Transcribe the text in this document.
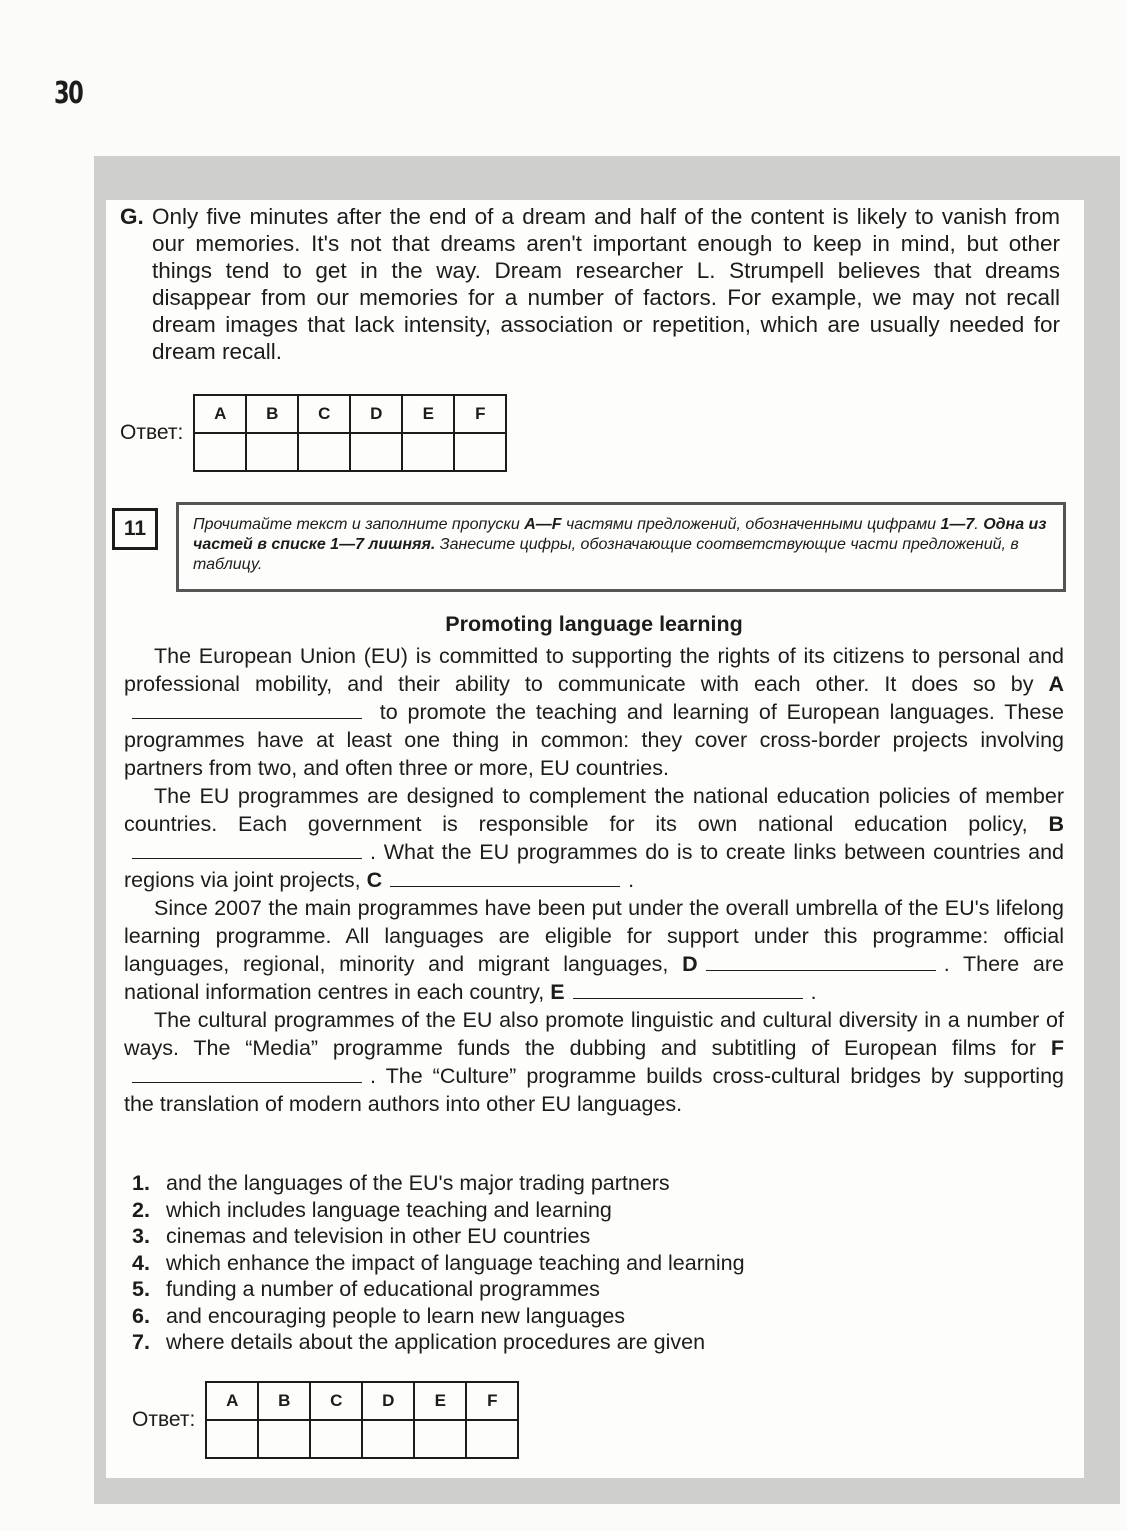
30
G. Only five minutes after the end of a dream and half of the content is likely to vanish from our memories. It's not that dreams aren't important enough to keep in mind, but other things tend to get in the way. Dream researcher L. Strumpell believes that dreams disappear from our memories for a number of factors. For example, we may not recall dream images that lack intensity, association or repetition, which are usually needed for dream recall.
Ответ:
A	B	C	D	E	F

11	Прочитайте текст и заполните пропуски A—F частями предложений, обозначенными цифрами 1—7. Одна из частей в списке 1—7 лишняя. Занесите цифры, обозначающие соответствующие части предложений, в таблицу.
Promoting language learning

The European Union (EU) is committed to supporting the rights of its citizens to personal and professional mobility, and their ability to communicate with each other. It does so by A to promote the teaching and learning of European languages. These programmes have at least one thing in common: they cover cross-border projects involving partners from two, and often three or more, EU countries.

The EU programmes are designed to complement the national education policies of member countries. Each government is responsible for its own national education policy, B. What the EU programmes do is to create links between countries and regions via joint projects, C	.

Since 2007 the main programmes have been put under the overall umbrella of the EU's lifelong learning programme. All languages are eligible for support under this programme: official languages, regional, minority and migrant languages, D	. There are national information centres in each country, E	.

The cultural programmes of the EU also promote linguistic and cultural diversity in a number of ways. The “Media” programme funds the dubbing and subtitling of European films for F. The “Culture” programme builds cross-cultural bridges by supporting the translation of modern authors into other EU languages.

1. and the languages of the EU's major trading partners
2. which includes language teaching and learning
3. cinemas and television in other EU countries
4. which enhance the impact of language teaching and learning
5. funding a number of educational programmes
6. and encouraging people to learn new languages
7. where details about the application procedures are given
Ответ:
A	B	C	D	E	F
